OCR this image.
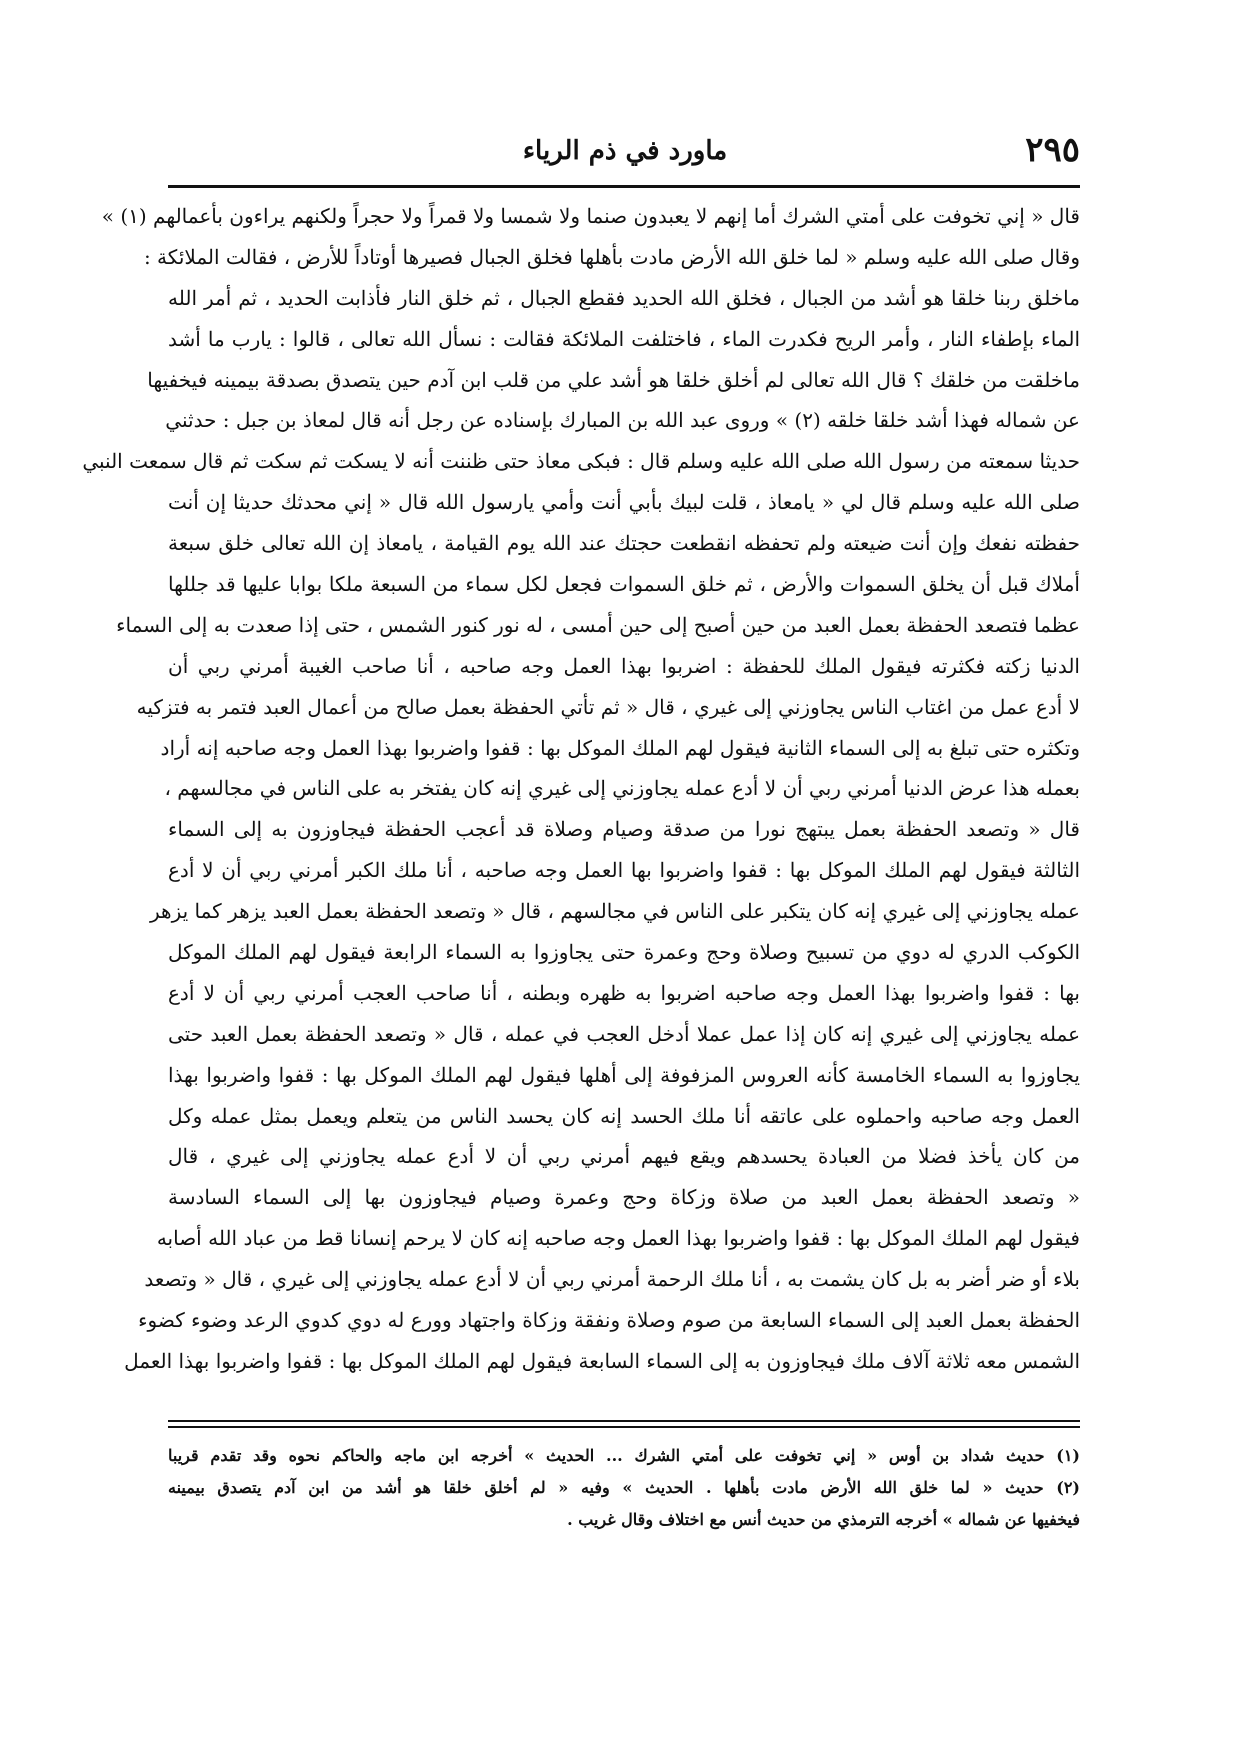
٢٩٥
ماورد في ذم الرياء
قال « إني تخوفت على أمتي الشرك أما إنهم لا يعبدون صنما ولا شمسا ولا قمراً ولا حجراً ولكنهم يراءون بأعمالهم (١) »
وقال صلى الله عليه وسلم « لما خلق الله الأرض مادت بأهلها فخلق الجبال فصيرها أوتاداً للأرض ، فقالت الملائكة :
ماخلق ربنا خلقا هو أشد من الجبال ، فخلق الله الحديد فقطع الجبال ، ثم خلق النار فأذابت الحديد ، ثم أمر الله
الماء بإطفاء النار ، وأمر الريح فكدرت الماء ، فاختلفت الملائكة فقالت : نسأل الله تعالى ، قالوا : يارب ما أشد
ماخلقت من خلقك ؟ قال الله تعالى لم أخلق خلقا هو أشد علي من قلب ابن آدم حين يتصدق بصدقة بيمينه فيخفيها
عن شماله فهذا أشد خلقا خلقه (٢) » وروى عبد الله بن المبارك بإسناده عن رجل أنه قال لمعاذ بن جبل : حدثني
حديثا سمعته من رسول الله صلى الله عليه وسلم قال : فبكى معاذ حتى ظننت أنه لا يسكت ثم سكت ثم قال سمعت النبي
صلى الله عليه وسلم قال لي « يامعاذ ، قلت لبيك بأبي أنت وأمي يارسول الله قال « إني محدثك حديثا إن أنت
حفظته نفعك وإن أنت ضيعته ولم تحفظه انقطعت حجتك عند الله يوم القيامة ، يامعاذ إن الله تعالى خلق سبعة
أملاك قبل أن يخلق السموات والأرض ، ثم خلق السموات فجعل لكل سماء من السبعة ملكا بوابا عليها قد جللها
عظما فتصعد الحفظة بعمل العبد من حين أصبح إلى حين أمسى ، له نور كنور الشمس ، حتى إذا صعدت به إلى السماء
الدنيا زكته فكثرته فيقول الملك للحفظة : اضربوا بهذا العمل وجه صاحبه ، أنا صاحب الغيبة أمرني ربي أن
لا أدع عمل من اغتاب الناس يجاوزني إلى غيري ، قال « ثم تأتي الحفظة بعمل صالح من أعمال العبد فتمر به فتزكيه
وتكثره حتى تبلغ به إلى السماء الثانية فيقول لهم الملك الموكل بها : قفوا واضربوا بهذا العمل وجه صاحبه إنه أراد
بعمله هذا عرض الدنيا أمرني ربي أن لا أدع عمله يجاوزني إلى غيري إنه كان يفتخر به على الناس في مجالسهم ،
قال « وتصعد الحفظة بعمل يبتهج نورا من صدقة وصيام وصلاة قد أعجب الحفظة فيجاوزون به إلى السماء
الثالثة فيقول لهم الملك الموكل بها : قفوا واضربوا بها العمل وجه صاحبه ، أنا ملك الكبر أمرني ربي أن لا أدع
عمله يجاوزني إلى غيري إنه كان يتكبر على الناس في مجالسهم ، قال « وتصعد الحفظة بعمل العبد يزهر كما يزهر
الكوكب الدري له دوي من تسبيح وصلاة وحج وعمرة حتى يجاوزوا به السماء الرابعة فيقول لهم الملك الموكل
بها : قفوا واضربوا بهذا العمل وجه صاحبه اضربوا به ظهره وبطنه ، أنا صاحب العجب أمرني ربي أن لا أدع
عمله يجاوزني إلى غيري إنه كان إذا عمل عملا أدخل العجب في عمله ، قال « وتصعد الحفظة بعمل العبد حتى
يجاوزوا به السماء الخامسة كأنه العروس المزفوفة إلى أهلها فيقول لهم الملك الموكل بها : قفوا واضربوا بهذا
العمل وجه صاحبه واحملوه على عاتقه أنا ملك الحسد إنه كان يحسد الناس من يتعلم ويعمل بمثل عمله وكل
من كان يأخذ فضلا من العبادة يحسدهم ويقع فيهم أمرني ربي أن لا أدع عمله يجاوزني إلى غيري ، قال
« وتصعد الحفظة بعمل العبد من صلاة وزكاة وحج وعمرة وصيام فيجاوزون بها إلى السماء السادسة
فيقول لهم الملك الموكل بها : قفوا واضربوا بهذا العمل وجه صاحبه إنه كان لا يرحم إنسانا قط من عباد الله أصابه
بلاء أو ضر أضر به بل كان يشمت به ، أنا ملك الرحمة أمرني ربي أن لا أدع عمله يجاوزني إلى غيري ، قال « وتصعد
الحفظة بعمل العبد إلى السماء السابعة من صوم وصلاة ونفقة وزكاة واجتهاد وورع له دوي كدوي الرعد وضوء كضوء
الشمس معه ثلاثة آلاف ملك فيجاوزون به إلى السماء السابعة فيقول لهم الملك الموكل بها : قفوا واضربوا بهذا العمل
(١) حديث شداد بن أوس « إني تخوفت على أمتي الشرك ... الحديث » أخرجه ابن ماجه والحاكم نحوه وقد تقدم قريبا
(٢) حديث « لما خلق الله الأرض مادت بأهلها . الحديث » وفيه « لم أخلق خلقا هو أشد من ابن آدم يتصدق بيمينه
فيخفيها عن شماله » أخرجه الترمذي من حديث أنس مع اختلاف وقال غريب .
